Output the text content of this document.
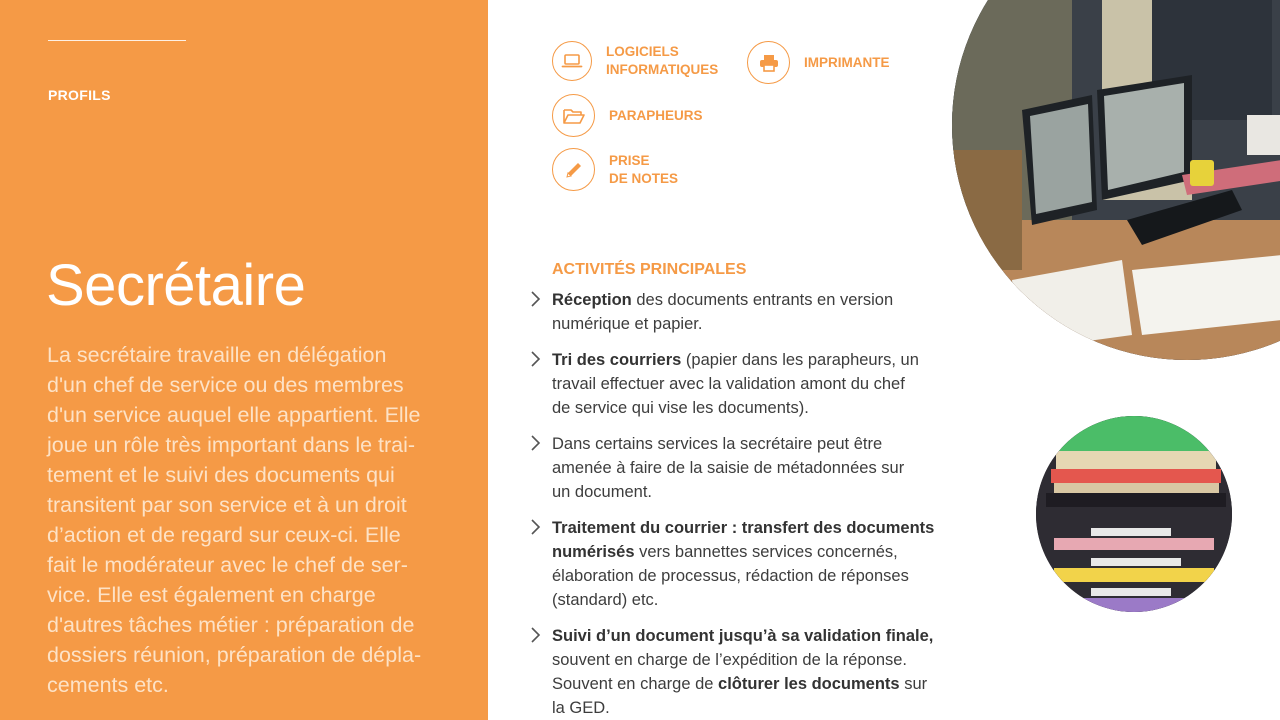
PROFILS
Secrétaire
La secrétaire travaille en délégation
d'un chef de service ou des membres
d'un service auquel elle appartient. Elle
joue un rôle très important dans le trai-
tement et le suivi des documents qui
transitent par son service et à un droit
d’action et de regard sur ceux-ci. Elle
fait le modérateur avec le chef de ser-
vice. Elle est également en charge
d'autres tâches métier : préparation de
dossiers réunion, préparation de dépla-
cements etc.
LOGICIELS
INFORMATIQUES	IMPRIMANTE
PARAPHEURS
PRISE
DE NOTES
ACTIVITÉS PRINCIPALES
Réception des documents entrants en version
numérique et papier.
Tri des courriers (papier dans les parapheurs, un
travail effectuer avec la validation amont du chef
de service qui vise les documents).
Dans certains services la secrétaire peut être
amenée à faire de la saisie de métadonnées sur
un document.
Traitement du courrier : transfert des documents
numérisés vers bannettes services concernés,
élaboration de processus, rédaction de réponses
(standard) etc.
Suivi d’un document jusqu’à sa validation finale,
souvent en charge de l’expédition de la réponse.
Souvent en charge de clôturer les documents sur
la GED.
